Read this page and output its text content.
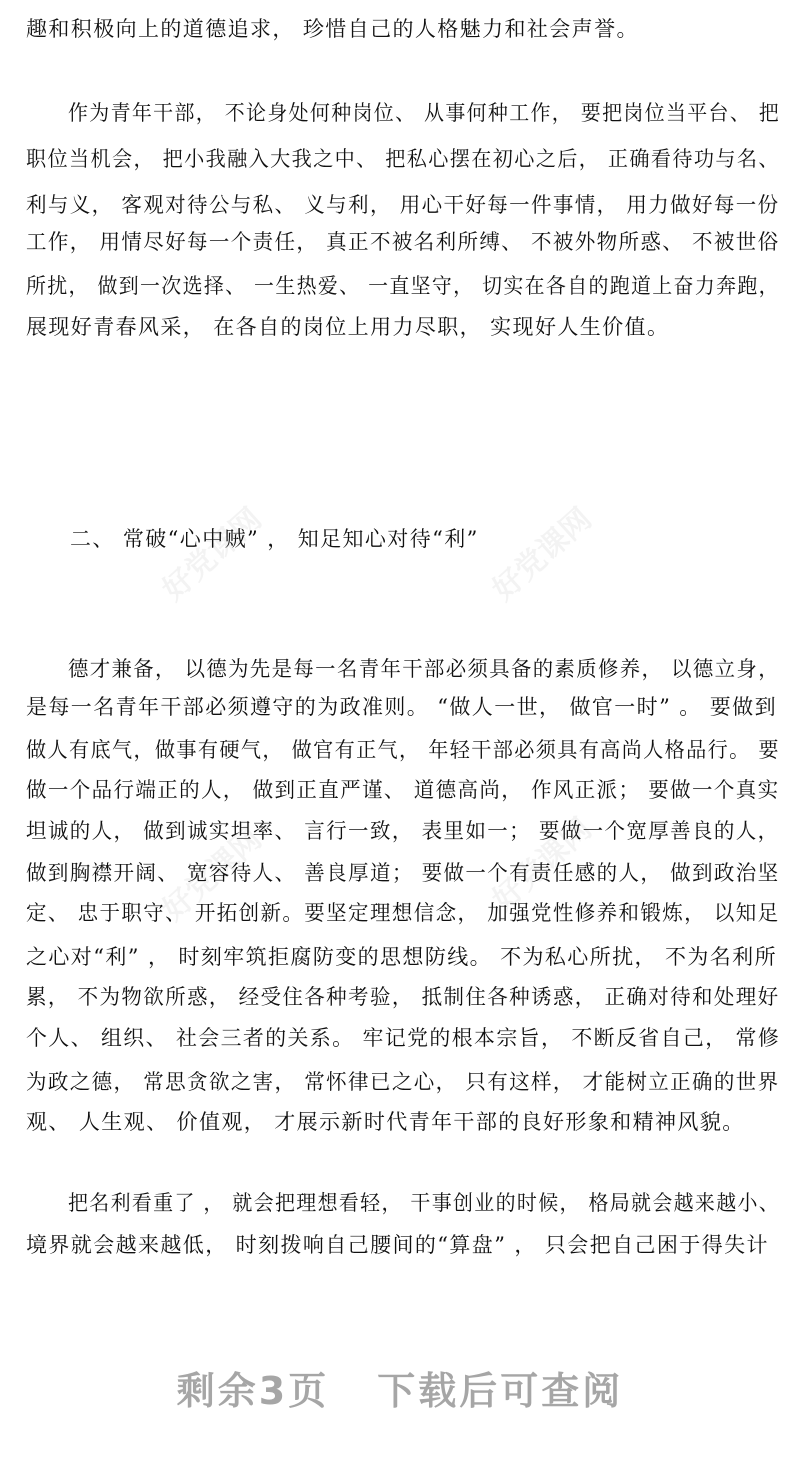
好党课网	好党课网
好党课网	好党课网
趣和积极向上的道德追求， 珍惜自己的人格魅力和社会声誉。
作为青年干部， 不论身处何种岗位、 从事何种工作， 要把岗位当平台、 把
职位当机会， 把小我融入大我之中、 把私心摆在初心之后， 正确看待功与名、
利与义， 客观对待公与私、 义与利， 用心干好每一件事情， 用力做好每一份
工作， 用情尽好每一个责任， 真正不被名利所缚、 不被外物所惑、 不被世俗
所扰， 做到一次选择、 一生热爱、 一直坚守， 切实在各自的跑道上奋力奔跑，
展现好青春风采， 在各自的岗位上用力尽职， 实现好人生价值。
二、 常破“心中贼” ， 知足知心对待“利”
德才兼备， 以德为先是每一名青年干部必须具备的素质修养， 以德立身，
是每一名青年干部必须遵守的为政准则。 “做人一世， 做官一时” 。 要做到
做人有底气，做事有硬气， 做官有正气， 年轻干部必须具有高尚人格品行。 要
做一个品行端正的人， 做到正直严谨、 道德高尚， 作风正派； 要做一个真实
坦诚的人， 做到诚实坦率、 言行一致， 表里如一； 要做一个宽厚善良的人，
做到胸襟开阔、 宽容待人、 善良厚道； 要做一个有责任感的人， 做到政治坚
定、 忠于职守、 开拓创新。要坚定理想信念， 加强党性修养和锻炼， 以知足
之心对“利” ， 时刻牢筑拒腐防变的思想防线。 不为私心所扰， 不为名利所
累， 不为物欲所惑， 经受住各种考验， 抵制住各种诱惑， 正确对待和处理好
个人、 组织、 社会三者的关系。 牢记党的根本宗旨， 不断反省自己， 常修
为政之德， 常思贪欲之害， 常怀律已之心， 只有这样， 才能树立正确的世界
观、 人生观、 价值观， 才展示新时代青年干部的良好形象和精神风貌。
把名利看重了 ， 就会把理想看轻， 干事创业的时候， 格局就会越来越小、
境界就会越来越低， 时刻拨响自己腰间的“算盘” ， 只会把自己困于得失计
剩余3页 下载后可查阅
